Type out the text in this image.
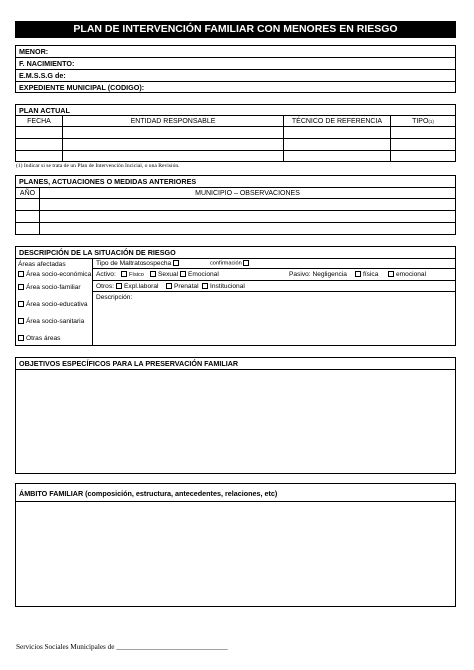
PLAN DE INTERVENCIÓN FAMILIAR CON MENORES EN RIESGO
MENOR:
F. NACIMIENTO:
E.M.S.S.G de:
EXPEDIENTE MUNICIPAL (CODIGO):
PLAN ACTUAL
FECHA	ENTIDAD RESPONSABLE	TÉCNICO DE REFERENCIA	TIPO(1)
(1) Indicar si se trata de un Plan de Intervención Incicial, o una Revisión.
PLANES, ACTUACIONES O MEDIDAS ANTERIORES
AÑO	MUNICIPIO – OBSERVACIONES
DESCRIPCIÓN DE LA SITUACIÓN DE RIESGO
Áreas afectadas
Área socio-económica
Área socio-familiar
Área socio-educativa
Área socio-sanitaria
Otras áreas
Tipo de Maltrato:
sospecha	confirmación
Activo:	Físico	Sexual	Emocional	Pasivo: Negligencia	física	emocional
Otros:	Expl.laboral	Prenatal	Institucional
Descripción:
OBJETIVOS ESPECÍFICOS PARA LA PRESERVACIÓN FAMILIAR
ÁMBITO FAMILIAR (composición, estructura, antecedentes, relaciones, etc)
Servicios Sociales Municipales de _______________________________
